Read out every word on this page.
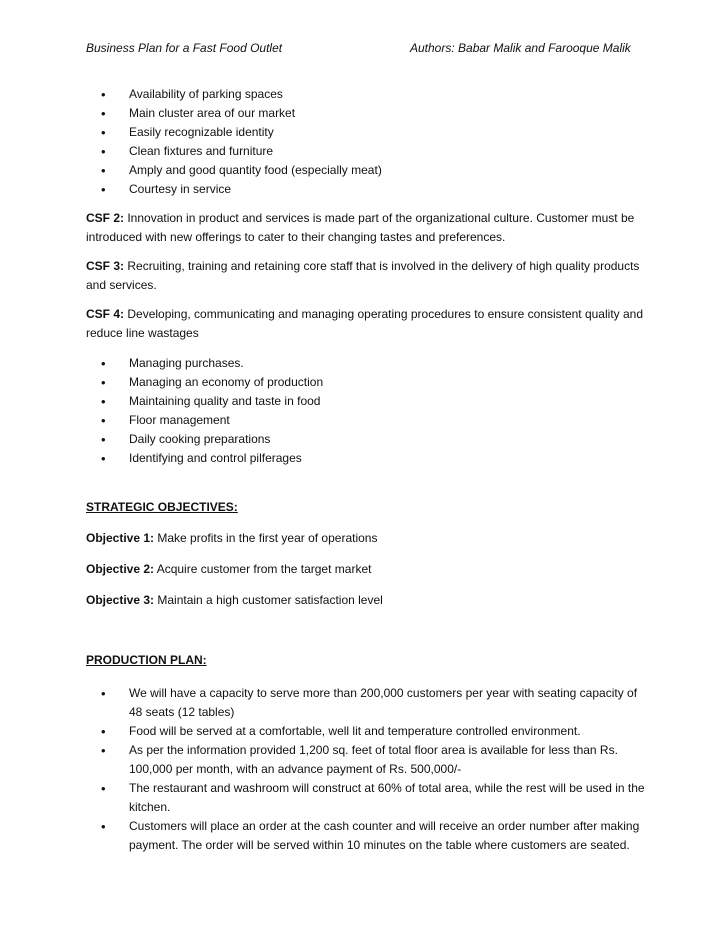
Business Plan for a Fast Food Outlet	Authors: Babar Malik and Farooque Malik
• Availability of parking spaces
• Main cluster area of our market
• Easily recognizable identity
• Clean fixtures and furniture
• Amply and good quantity food (especially meat)
• Courtesy in service

CSF 2: Innovation in product and services is made part of the organizational culture. Customer must be introduced with new offerings to cater to their changing tastes and preferences.

CSF 3: Recruiting, training and retaining core staff that is involved in the delivery of high quality products and services.

CSF 4: Developing, communicating and managing operating procedures to ensure consistent quality and reduce line wastages

• Managing purchases.
• Managing an economy of production
• Maintaining quality and taste in food
• Floor management
• Daily cooking preparations
• Identifying and control pilferages

STRATEGIC OBJECTIVES:

Objective 1: Make profits in the first year of operations

Objective 2: Acquire customer from the target market

Objective 3: Maintain a high customer satisfaction level

PRODUCTION PLAN:

• We will have a capacity to serve more than 200,000 customers per year with seating capacity of 48 seats (12 tables)
• Food will be served at a comfortable, well lit and temperature controlled environment.
• As per the information provided 1,200 sq. feet of total floor area is available for less than Rs. 100,000 per month, with an advance payment of Rs. 500,000/-
• The restaurant and washroom will construct at 60% of total area, while the rest will be used in the kitchen.
• Customers will place an order at the cash counter and will receive an order number after making payment. The order will be served within 10 minutes on the table where customers are seated.
